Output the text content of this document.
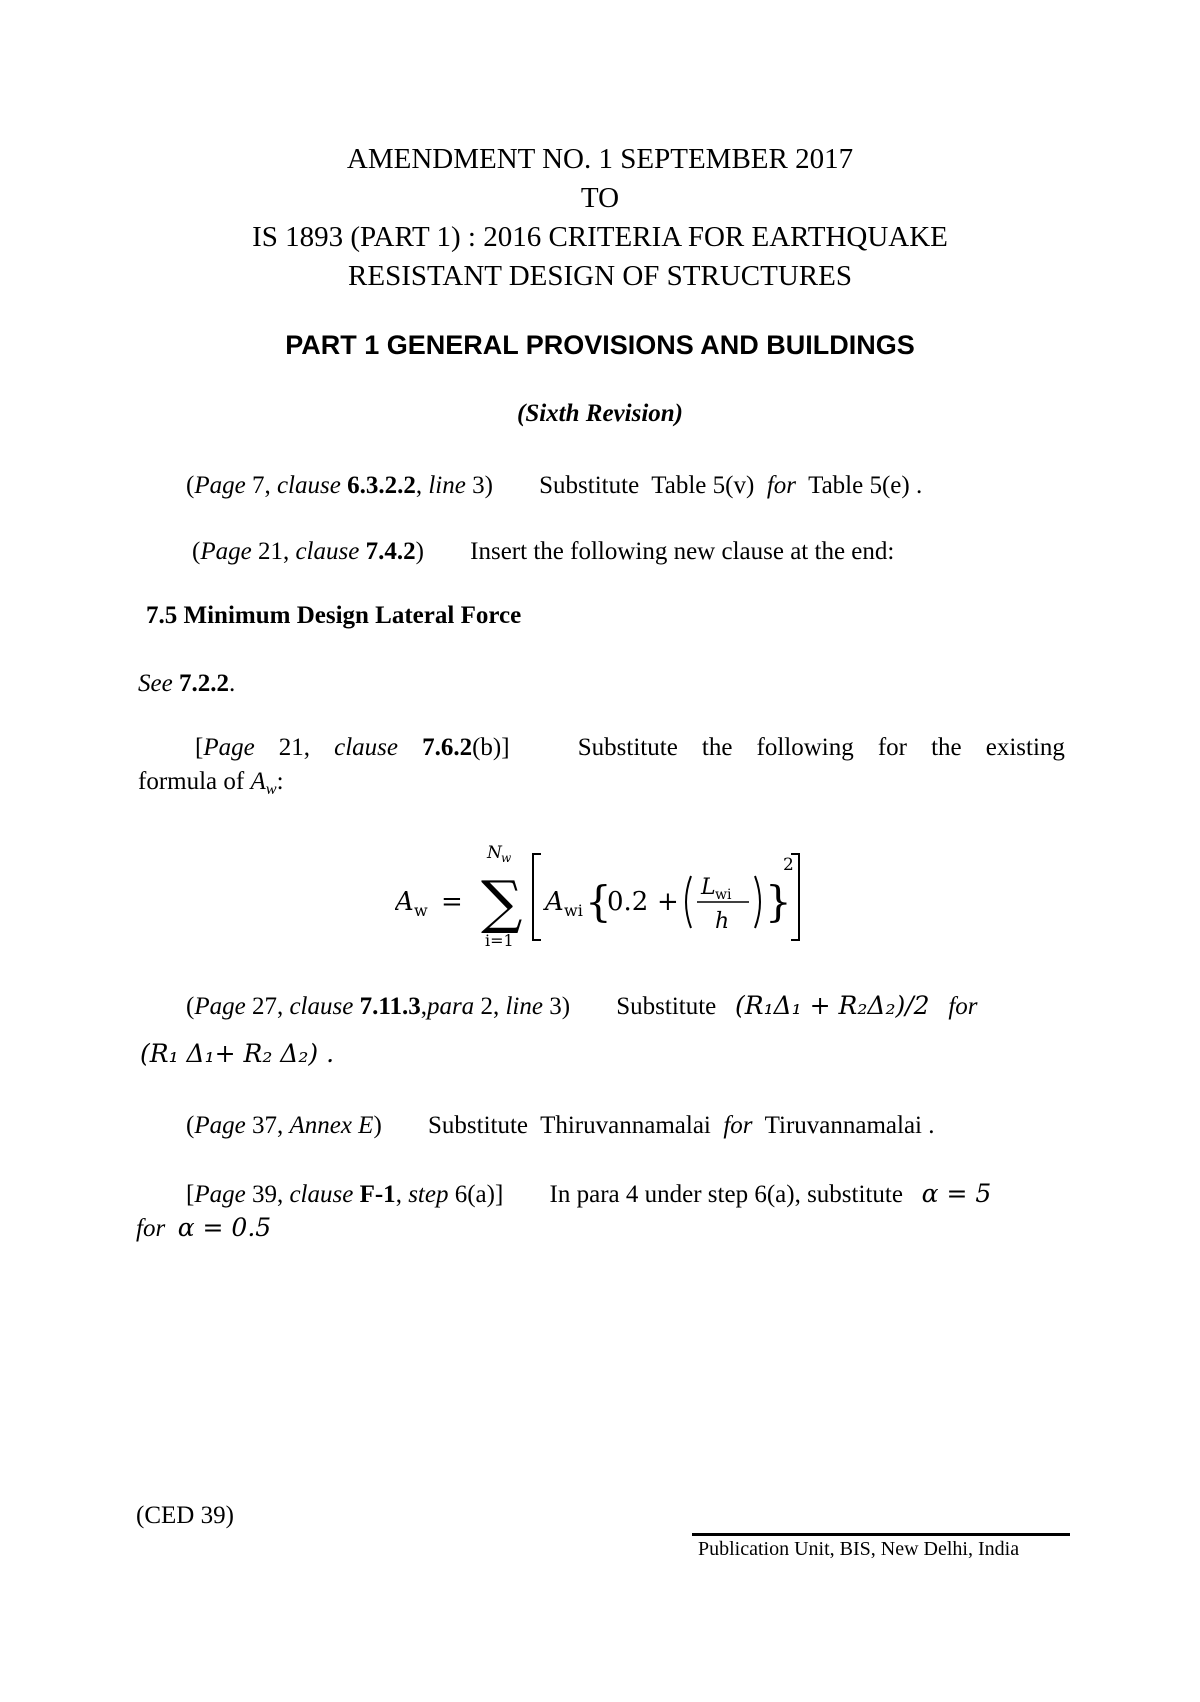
AMENDMENT NO. 1 SEPTEMBER 2017
TO
IS 1893 (PART 1) : 2016 CRITERIA FOR EARTHQUAKE
RESISTANT DESIGN OF STRUCTURES
PART 1 GENERAL PROVISIONS AND BUILDINGS
(Sixth Revision)
(Page 7, clause 6.3.2.2, line 3) Substitute Table 5(v) for Table 5(e) .
(Page 21, clause 7.4.2) Insert the following new clause at the end:
7.5 Minimum Design Lateral Force
See 7.2.2.
[Page 21, clause 7.6.2(b)]	Substitute the following for the existing
formula of $A_w$:
A w = ∑
N w
i=1
A wi {	}
0.2 + L wi
h
2
(Page 27, clause 7.11.3,para 2, line 3) Substitute (R₁Δ₁ + R₂Δ₂)/2 for
(R₁ Δ₁+ R₂ Δ₂) .
(Page 37, Annex E) Substitute Thiruvannamalai for Tiruvannamalai .
[Page 39, clause F-1, step 6(a)] In para 4 under step 6(a), substitute α = 5
for α = 0.5
(CED 39)
Publication Unit, BIS, New Delhi, India
